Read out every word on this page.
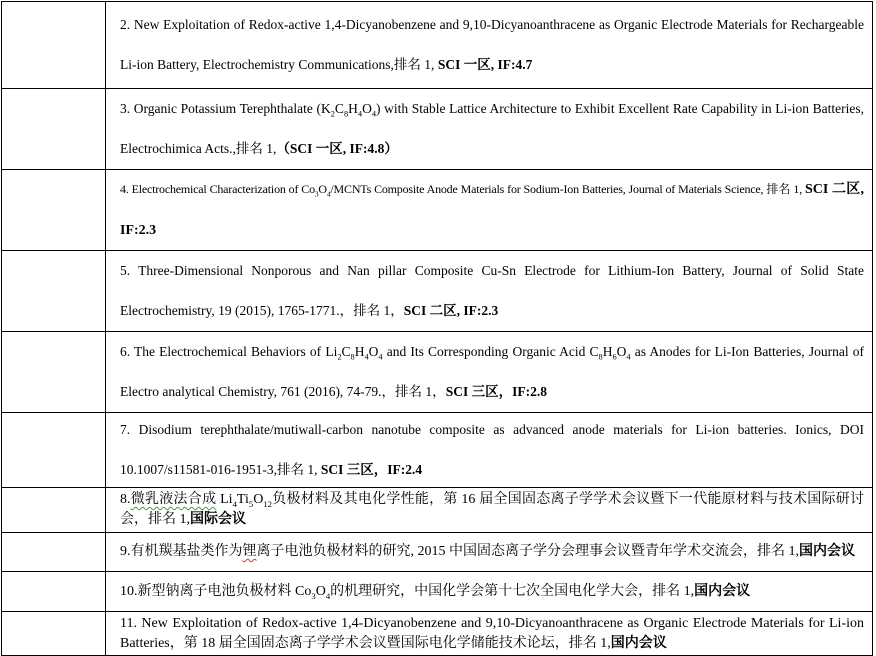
2. New Exploitation of Redox-active 1,4-Dicyanobenzene and 9,10-Dicyanoanthracene as Organic Electrode Materials for Rechargeable Li-ion Battery, Electrochemistry Communications,排名 1, SCI 一区, IF:4.7
3. Organic Potassium Terephthalate $(K_2C_8H_4O_4)$ with Stable Lattice Architecture to Exhibit Excellent Rate Capability in Li-ion Batteries, Electrochimica Acts.,排名 1,（SCI 一区, IF:4.8）
4. Electrochemical Characterization of $Co_3O_4$/MCNTs Composite Anode Materials for Sodium-Ion Batteries, Journal of Materials Science, 排名 1, SCI 二区, IF:2.3
5. Three-Dimensional Nonporous and Nan pillar Composite Cu-Sn Electrode for Lithium-Ion Battery, Journal of Solid State Electrochemistry, 19 (2015), 1765-1771.，排名 1，SCI 二区, IF:2.3
6. The Electrochemical Behaviors of $Li_2C_8H_4O_4$ and Its Corresponding Organic Acid $C_8H_6O_4$ as Anodes for Li-Ion Batteries, Journal of Electro analytical Chemistry, 761 (2016), 74-79.，排名 1，SCI 三区，IF:2.8
7. Disodium terephthalate/mutiwall-carbon nanotube composite as advanced anode materials for Li-ion batteries. Ionics, DOI 10.1007/s11581-016-1951-3,排名 1, SCI 三区，IF:2.4
8.微乳液法合成 $Li_4Ti_5O_{12}$负极材料及其电化学性能，第 16 届全国固态离子学学术会议暨下一代能原材料与技术国际研讨会，排名 1,国际会议
9.有机羰基盐类作为锂离子电池负极材料的研究, 2015 中国固态离子学分会理事会议暨青年学术交流会，排名 1,国内会议
10.新型钠离子电池负极材料 $Co_3O_4$的机理研究，中国化学会第十七次全国电化学大会，排名 1,国内会议
11. New Exploitation of Redox-active 1,4-Dicyanobenzene and 9,10-Dicyanoanthracene as Organic Electrode Materials for Li-ion Batteries，第 18 届全国固态离子学学术会议暨国际电化学储能技术论坛，排名 1,国内会议
